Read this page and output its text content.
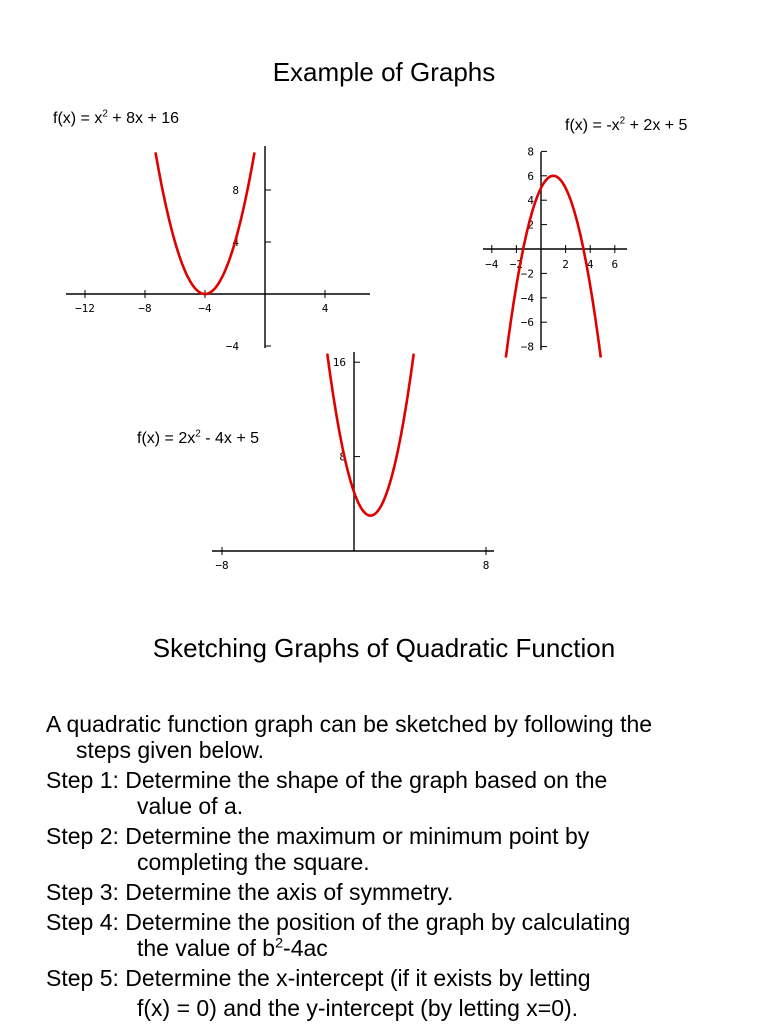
Example of Graphs
$f(x) = x^2 + 8x + 16$	$f(x) = -x^2 + 2x + 5$
$f(x) = 2x^2 - 4x + 5$
−12	−8	−4	4
8
4
−4
−4 −2	2 4 6
8
6
4
2
−2
−4
−6
−8
−8	8
16
8
Sketching Graphs of Quadratic Function
A quadratic function graph can be sketched by following the
steps given below.
Step 1: Determine the shape of the graph based on the
value of a.
Step 2: Determine the maximum or minimum point by
completing the square.
Step 3: Determine the axis of symmetry.
Step 4: Determine the position of the graph by calculating
the value of $b^2-4ac$
Step 5: Determine the x-intercept (if it exists by letting
f(x) = 0) and the y-intercept (by letting x=0).
